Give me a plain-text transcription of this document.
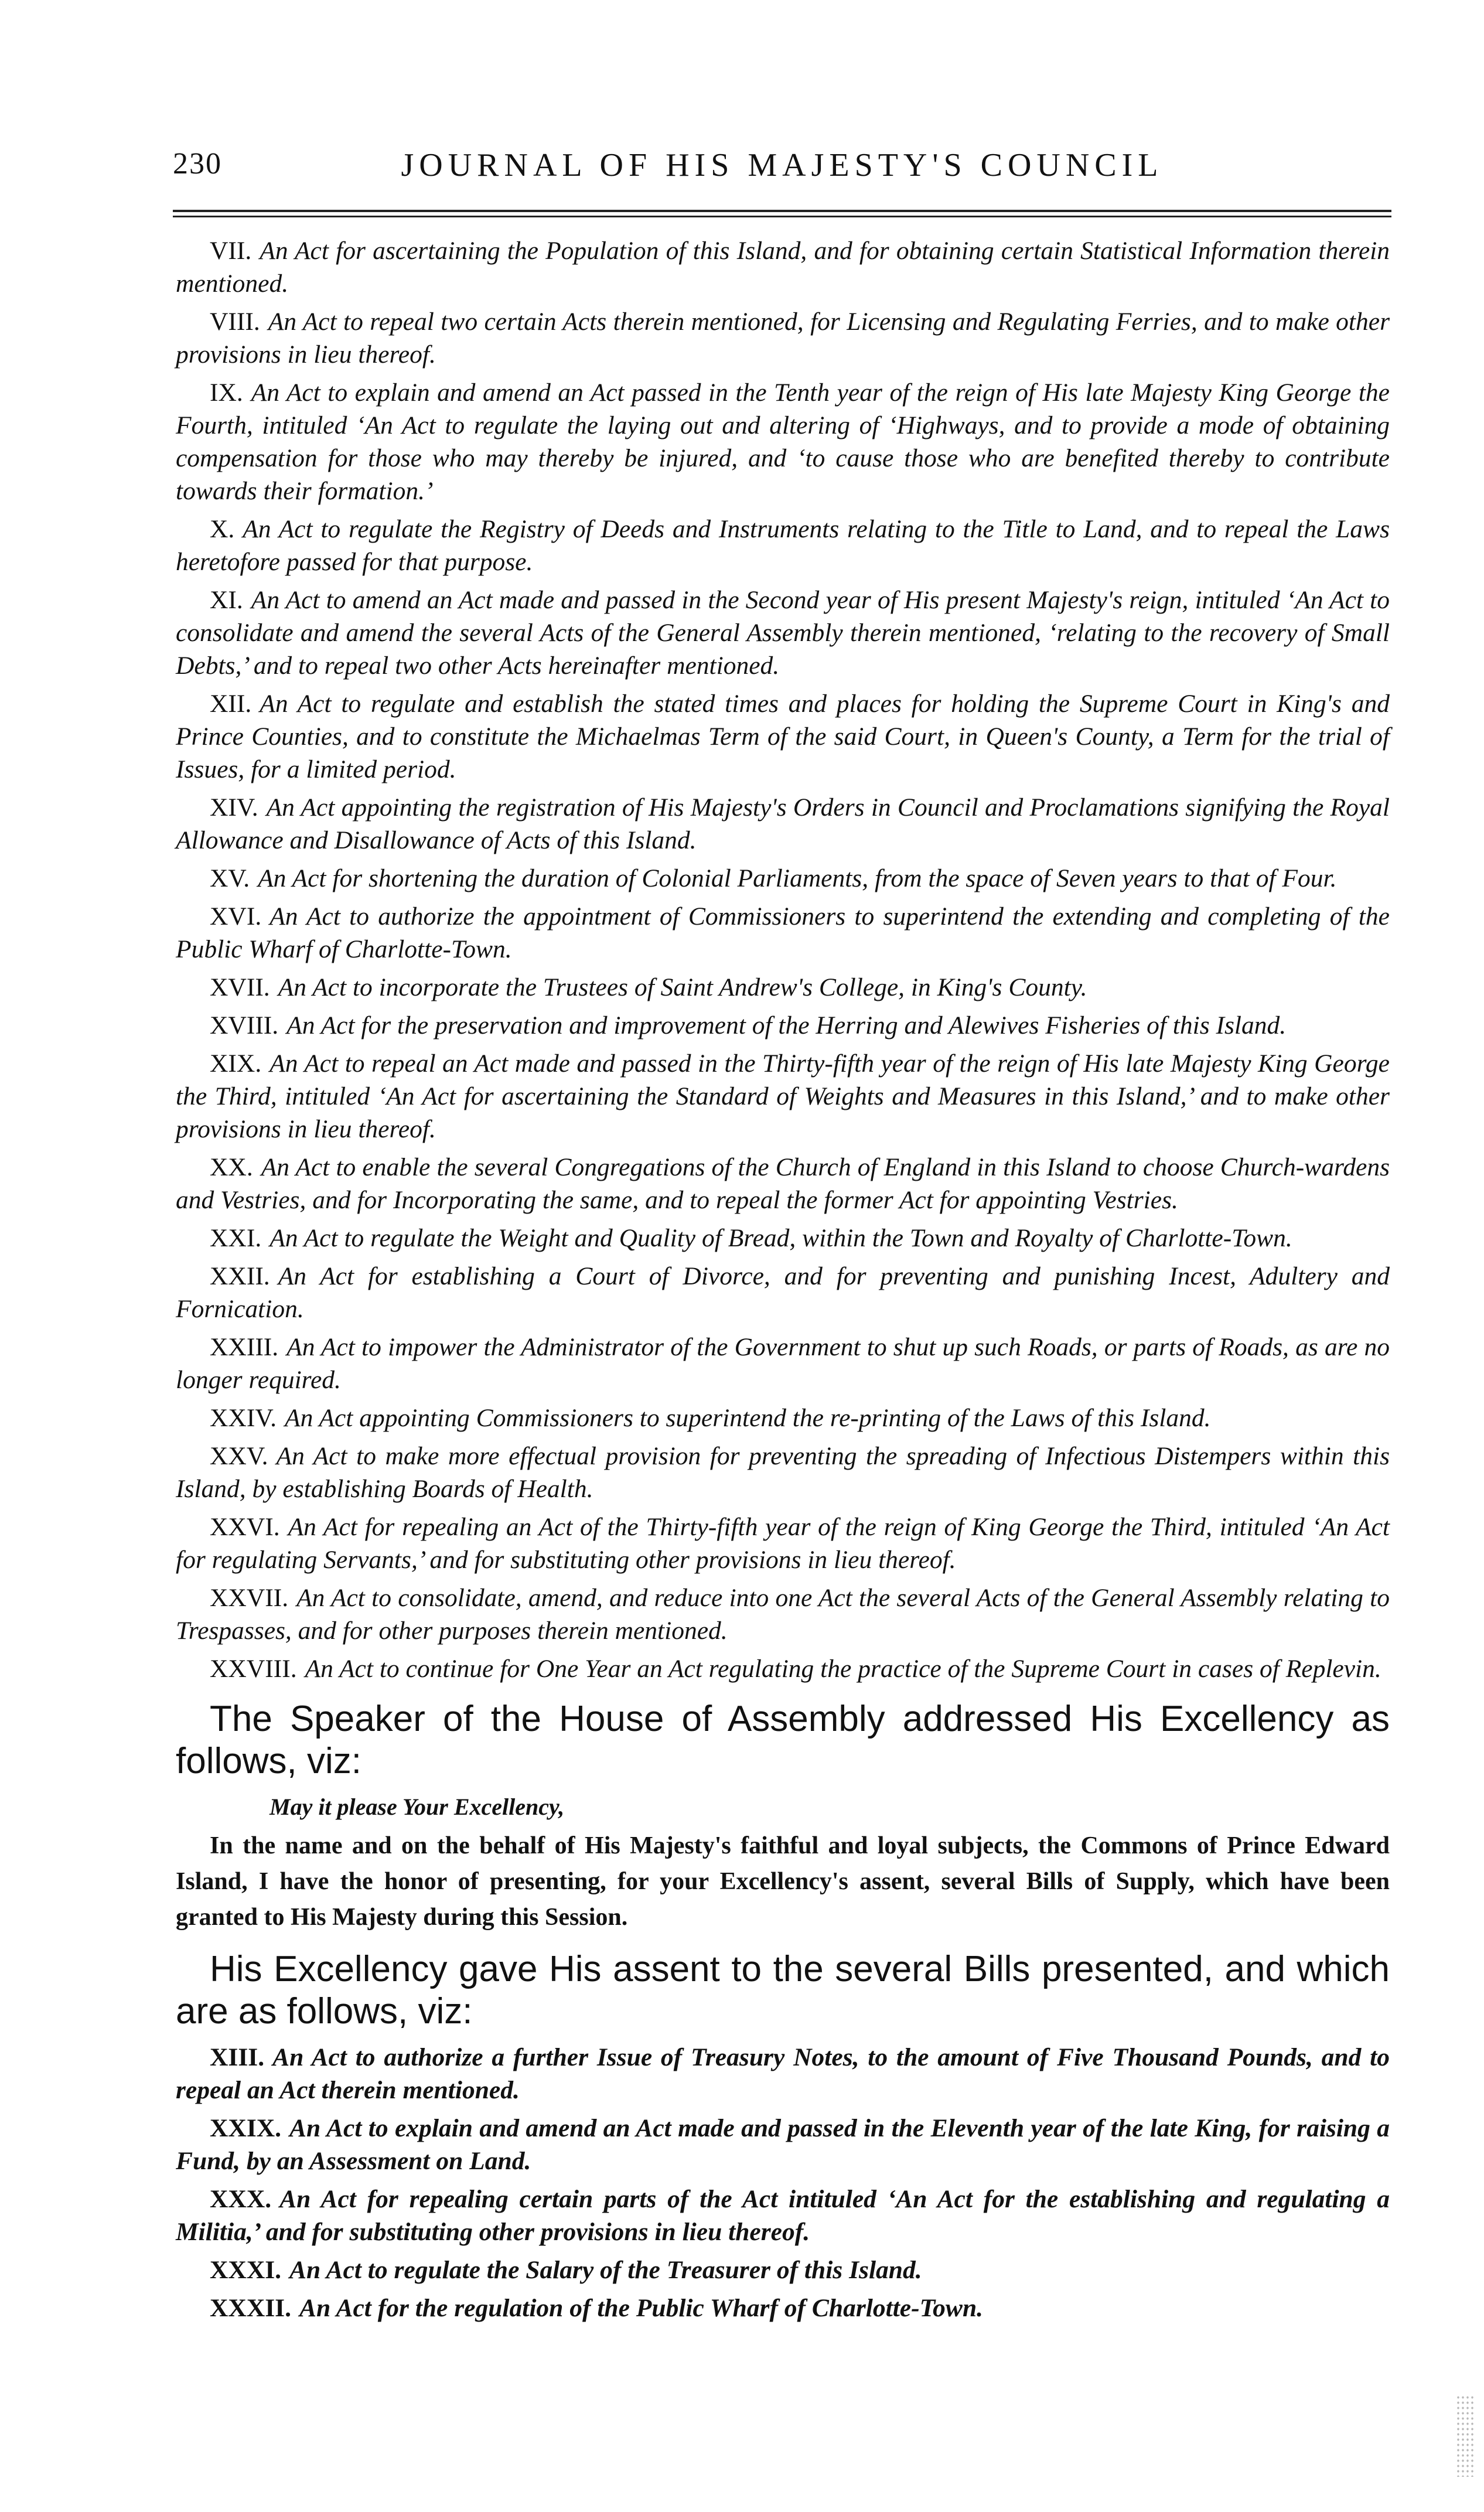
230	JOURNAL OF HIS MAJESTY'S COUNCIL

VII. An Act for ascertaining the Population of this Island, and for obtaining certain Statistical Information therein mentioned.

VIII. An Act to repeal two certain Acts therein mentioned, for Licensing and Regulating Ferries, and to make other provisions in lieu thereof.

IX. An Act to explain and amend an Act passed in the Tenth year of the reign of His late Majesty King George the Fourth, intituled ‘An Act to regulate the laying out and altering of ‘Highways, and to provide a mode of obtaining compensation for those who may thereby be injured, and ‘to cause those who are benefited thereby to contribute towards their formation.’

X. An Act to regulate the Registry of Deeds and Instruments relating to the Title to Land, and to repeal the Laws heretofore passed for that purpose.

XI. An Act to amend an Act made and passed in the Second year of His present Majesty's reign, intituled ‘An Act to consolidate and amend the several Acts of the General Assembly therein mentioned, ‘relating to the recovery of Small Debts,’ and to repeal two other Acts hereinafter mentioned.

XII. An Act to regulate and establish the stated times and places for holding the Supreme Court in King's and Prince Counties, and to constitute the Michaelmas Term of the said Court, in Queen's County, a Term for the trial of Issues, for a limited period.

XIV. An Act appointing the registration of His Majesty's Orders in Council and Proclamations signifying the Royal Allowance and Disallowance of Acts of this Island.

XV. An Act for shortening the duration of Colonial Parliaments, from the space of Seven years to that of Four.

XVI. An Act to authorize the appointment of Commissioners to superintend the extending and completing of the Public Wharf of Charlotte-Town.

XVII. An Act to incorporate the Trustees of Saint Andrew's College, in King's County.

XVIII. An Act for the preservation and improvement of the Herring and Alewives Fisheries of this Island.

XIX. An Act to repeal an Act made and passed in the Thirty-fifth year of the reign of His late Majesty King George the Third, intituled ‘An Act for ascertaining the Standard of Weights and Measures in this Island,’ and to make other provisions in lieu thereof.

XX. An Act to enable the several Congregations of the Church of England in this Island to choose Church-wardens and Vestries, and for Incorporating the same, and to repeal the former Act for appointing Vestries.

XXI. An Act to regulate the Weight and Quality of Bread, within the Town and Royalty of Charlotte-Town.

XXII. An Act for establishing a Court of Divorce, and for preventing and punishing Incest, Adultery and Fornication.

XXIII. An Act to impower the Administrator of the Government to shut up such Roads, or parts of Roads, as are no longer required.

XXIV. An Act appointing Commissioners to superintend the re-printing of the Laws of this Island.

XXV. An Act to make more effectual provision for preventing the spreading of Infectious Distempers within this Island, by establishing Boards of Health.

XXVI. An Act for repealing an Act of the Thirty-fifth year of the reign of King George the Third, intituled ‘An Act for regulating Servants,’ and for substituting other provisions in lieu thereof.

XXVII. An Act to consolidate, amend, and reduce into one Act the several Acts of the General Assembly relating to Trespasses, and for other purposes therein mentioned.

XXVIII. An Act to continue for One Year an Act regulating the practice of the Supreme Court in cases of Replevin.

The Speaker of the House of Assembly addressed His Excellency as follows, viz:

May it please Your Excellency,

In the name and on the behalf of His Majesty's faithful and loyal subjects, the Commons of Prince Edward Island, I have the honor of presenting, for your Excellency's assent, several Bills of Supply, which have been granted to His Majesty during this Session.

His Excellency gave His assent to the several Bills presented, and which are as follows, viz:

XIII. An Act to authorize a further Issue of Treasury Notes, to the amount of Five Thousand Pounds, and to repeal an Act therein mentioned.

XXIX. An Act to explain and amend an Act made and passed in the Eleventh year of the late King, for raising a Fund, by an Assessment on Land.

XXX. An Act for repealing certain parts of the Act intituled ‘An Act for the establishing and regulating a Militia,’ and for substituting other provisions in lieu thereof.

XXXI. An Act to regulate the Salary of the Treasurer of this Island.

XXXII. An Act for the regulation of the Public Wharf of Charlotte-Town.
